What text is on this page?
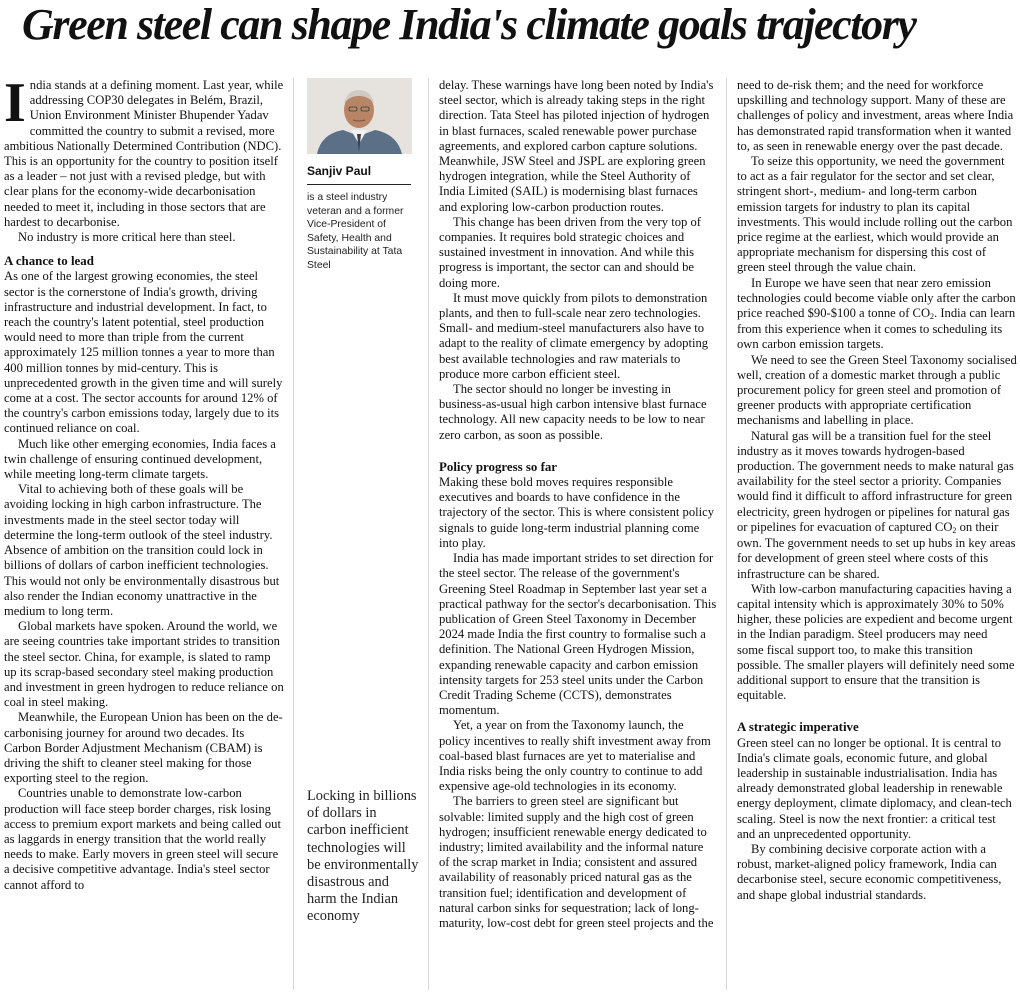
Green steel can shape India's climate goals trajectory

India stands at a defining moment. Last year, while addressing COP30 delegates in Belém, Brazil, Union Environment Minister Bhupender Yadav committed the country to submit a revised, more ambitious Nationally Determined Contribution (NDC). This is an opportunity for the country to position itself as a leader – not just with a revised pledge, but with clear plans for the economy-wide decarbonisation needed to meet it, including in those sectors that are hardest to decarbonise.

No industry is more critical here than steel.

A chance to lead

As one of the largest growing economies, the steel sector is the cornerstone of India's growth, driving infrastructure and industrial development. In fact, to reach the country's latent potential, steel production would need to more than triple from the current approximately 125 million tonnes a year to more than 400 million tonnes by mid-century. This is unprecedented growth in the given time and will surely come at a cost. The sector accounts for around 12% of the country's carbon emissions today, largely due to its continued reliance on coal.

Much like other emerging economies, India faces a twin challenge of ensuring continued development, while meeting long-term climate targets.

Vital to achieving both of these goals will be avoiding locking in high carbon infrastructure. The investments made in the steel sector today will determine the long-term outlook of the steel industry. Absence of ambition on the transition could lock in billions of dollars of carbon inefficient technologies. This would not only be environmentally disastrous but also render the Indian economy unattractive in the medium to long term.

Global markets have spoken. Around the world, we are seeing countries take important strides to transition the steel sector. China, for example, is slated to ramp up its scrap-based secondary steel making production and investment in green hydrogen to reduce reliance on coal in steel making.

Meanwhile, the European Union has been on the de-carbonising journey for around two decades. Its Carbon Border Adjustment Mechanism (CBAM) is driving the shift to cleaner steel making for those exporting steel to the region.

Countries unable to demonstrate low-carbon production will face steep border charges, risk losing access to premium export markets and being called out as laggards in energy transition that the world really needs to make. Early movers in green steel will secure a decisive competitive advantage. India's steel sector cannot afford to

Sanjiv Paul
is a steel industry veteran and a former Vice-President of Safety, Health and Sustainability at Tata Steel
Locking in billions of dollars in carbon inefficient technologies will be environmentally disastrous and harm the Indian economy

delay. These warnings have long been noted by India's steel sector, which is already taking steps in the right direction. Tata Steel has piloted injection of hydrogen in blast furnaces, scaled renewable power purchase agreements, and explored carbon capture solutions. Meanwhile, JSW Steel and JSPL are exploring green hydrogen integration, while the Steel Authority of India Limited (SAIL) is modernising blast furnaces and exploring low-carbon production routes.

This change has been driven from the very top of companies. It requires bold strategic choices and sustained investment in innovation. And while this progress is important, the sector can and should be doing more.

It must move quickly from pilots to demonstration plants, and then to full-scale near zero technologies. Small- and medium-steel manufacturers also have to adapt to the reality of climate emergency by adopting best available technologies and raw materials to produce more carbon efficient steel.

The sector should no longer be investing in business-as-usual high carbon intensive blast furnace technology. All new capacity needs to be low to near zero carbon, as soon as possible.

Policy progress so far

Making these bold moves requires responsible executives and boards to have confidence in the trajectory of the sector. This is where consistent policy signals to guide long-term industrial planning come into play.

India has made important strides to set direction for the steel sector. The release of the government's Greening Steel Roadmap in September last year set a practical pathway for the sector's decarbonisation. This publication of Green Steel Taxonomy in December 2024 made India the first country to formalise such a definition. The National Green Hydrogen Mission, expanding renewable capacity and carbon emission intensity targets for 253 steel units under the Carbon Credit Trading Scheme (CCTS), demonstrates momentum.

Yet, a year on from the Taxonomy launch, the policy incentives to really shift investment away from coal-based blast furnaces are yet to materialise and India risks being the only country to continue to add expensive age-old technologies in its economy.

The barriers to green steel are significant but solvable: limited supply and the high cost of green hydrogen; insufficient renewable energy dedicated to industry; limited availability and the informal nature of the scrap market in India; consistent and assured availability of reasonably priced natural gas as the transition fuel; identification and development of natural carbon sinks for sequestration; lack of long-maturity, low-cost debt for green steel projects and the

need to de-risk them; and the need for workforce upskilling and technology support. Many of these are challenges of policy and investment, areas where India has demonstrated rapid transformation when it wanted to, as seen in renewable energy over the past decade.

To seize this opportunity, we need the government to act as a fair regulator for the sector and set clear, stringent short-, medium- and long-term carbon emission targets for industry to plan its capital investments. This would include rolling out the carbon price regime at the earliest, which would provide an appropriate mechanism for dispersing this cost of green steel through the value chain.

In Europe we have seen that near zero emission technologies could become viable only after the carbon price reached $90-$100 a tonne of $CO_2$. India can learn from this experience when it comes to scheduling its own carbon emission targets.

We need to see the Green Steel Taxonomy socialised well, creation of a domestic market through a public procurement policy for green steel and promotion of greener products with appropriate certification mechanisms and labelling in place.

Natural gas will be a transition fuel for the steel industry as it moves towards hydrogen-based production. The government needs to make natural gas availability for the steel sector a priority. Companies would find it difficult to afford infrastructure for green electricity, green hydrogen or pipelines for natural gas or pipelines for evacuation of captured $CO_2$ on their own. The government needs to set up hubs in key areas for development of green steel where costs of this infrastructure can be shared.

With low-carbon manufacturing capacities having a capital intensity which is approximately 30% to 50% higher, these policies are expedient and become urgent in the Indian paradigm. Steel producers may need some fiscal support too, to make this transition possible. The smaller players will definitely need some additional support to ensure that the transition is equitable.

A strategic imperative

Green steel can no longer be optional. It is central to India's climate goals, economic future, and global leadership in sustainable industrialisation. India has already demonstrated global leadership in renewable energy deployment, climate diplomacy, and clean-tech scaling. Steel is now the next frontier: a critical test and an unprecedented opportunity.

By combining decisive corporate action with a robust, market-aligned policy framework, India can decarbonise steel, secure economic competitiveness, and shape global industrial standards.
